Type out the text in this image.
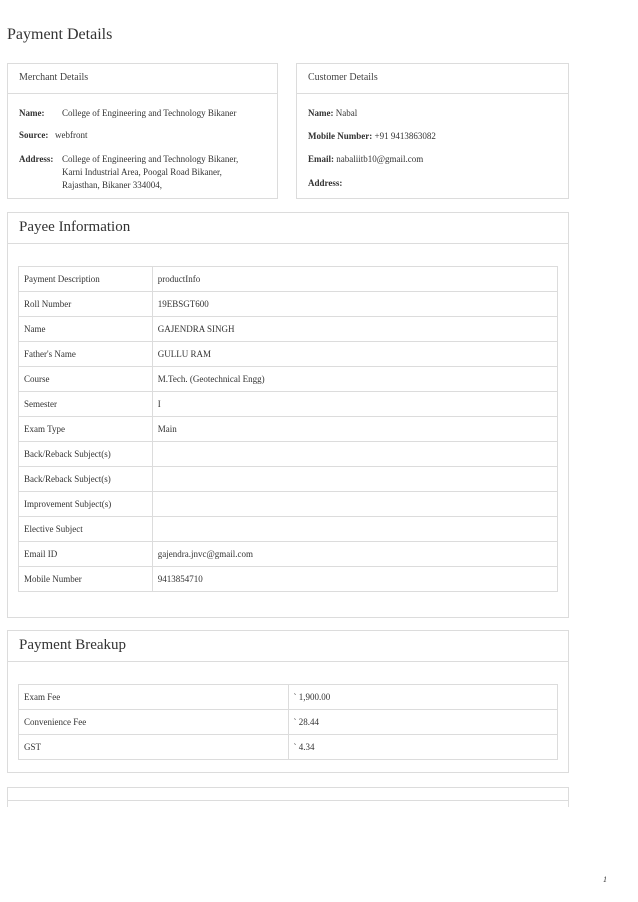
Payment Details
Merchant Details
Name: College of Engineering and Technology Bikaner
Source: webfront
Address: College of Engineering and Technology Bikaner,
Karni Industrial Area, Poogal Road Bikaner,
Rajasthan, Bikaner 334004,
Customer Details
Name: Nabal
Mobile Number: +91 9413863082
Email: nabaliitb10@gmail.com
Address:
Payee Information
Payment Description	productInfo
Roll Number	19EBSGT600
Name	GAJENDRA SINGH
Father's Name	GULLU RAM
Course	M.Tech. (Geotechnical Engg)
Semester	I
Exam Type	Main
Back/Reback Subject(s)	
Back/Reback Subject(s)	
Improvement Subject(s)	
Elective Subject	
Email ID	gajendra.jnvc@gmail.com
Mobile Number	9413854710
Payment Breakup
Exam Fee	` 1,900.00
Convenience Fee	` 28.44
GST	` 4.34
1
